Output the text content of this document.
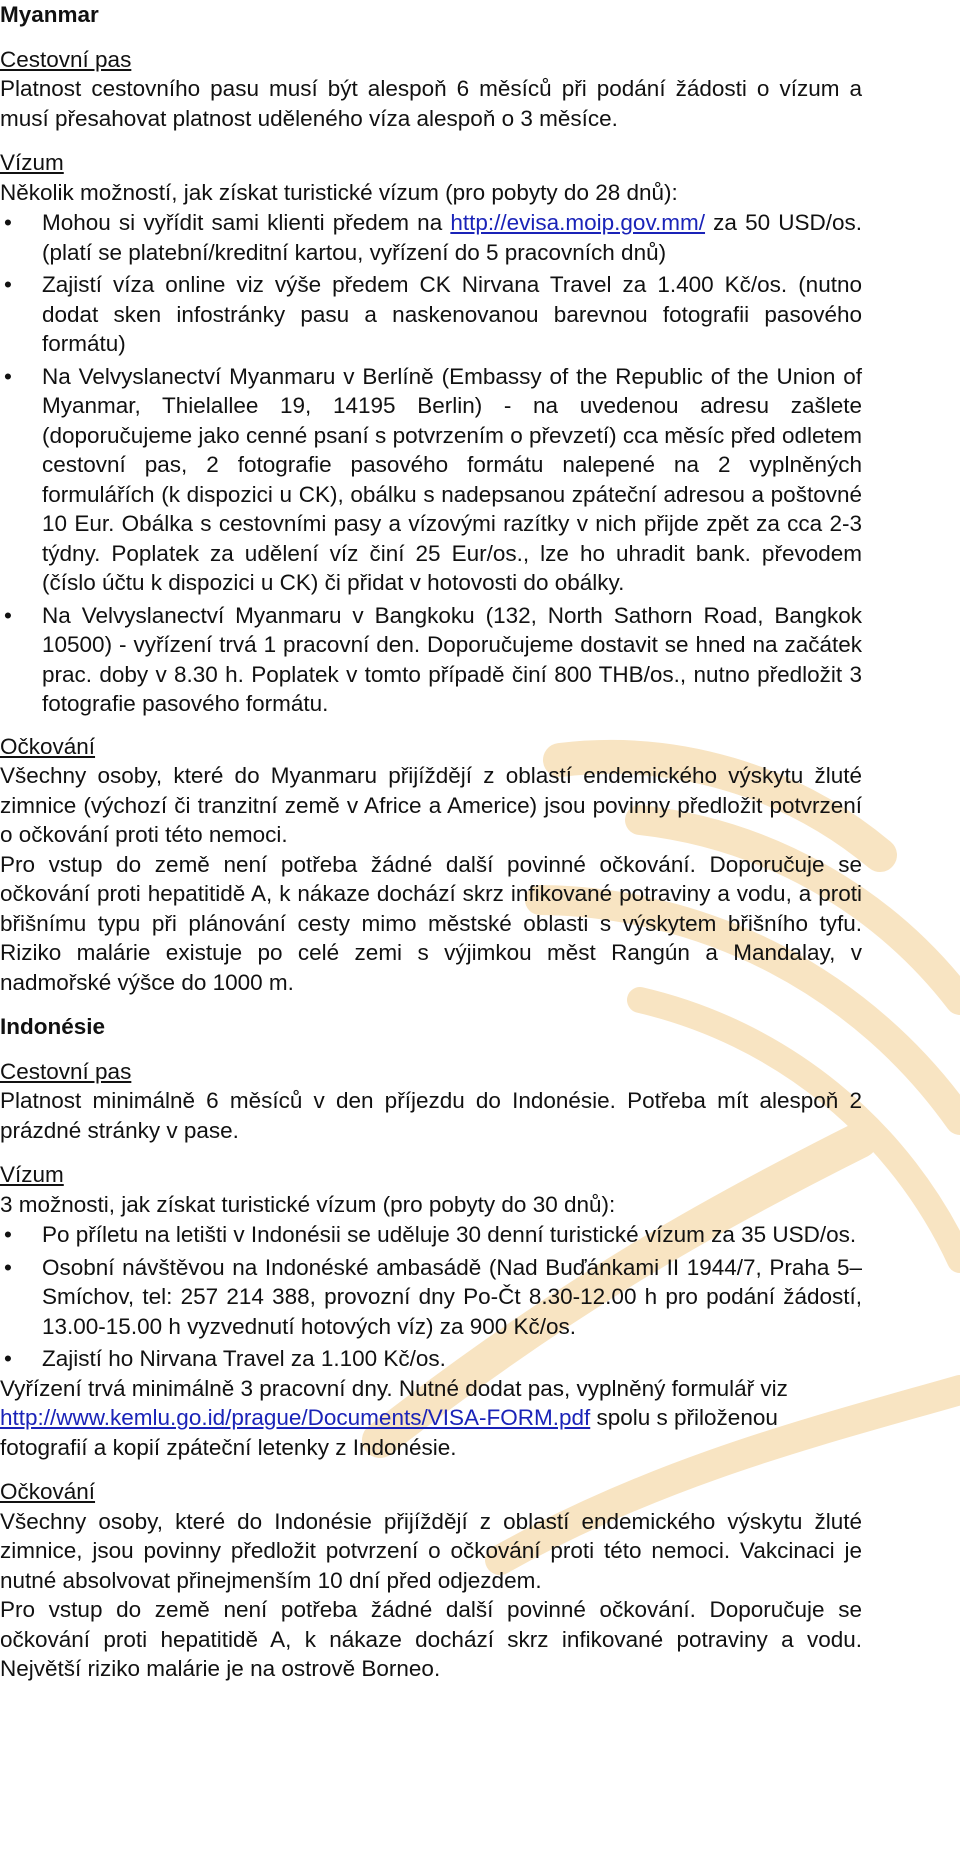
Myanmar
Cestovní pas

Platnost cestovního pasu musí být alespoň 6 měsíců při podání žádosti o vízum a musí přesahovat platnost uděleného víza alespoň o 3 měsíce.

Vízum

Několik možností, jak získat turistické vízum (pro pobyty do 28 dnů):

• Mohou si vyřídit sami klienti předem na http://evisa.moip.gov.mm/ za 50 USD/os. (platí se platební/kreditní kartou, vyřízení do 5 pracovních dnů)
• Zajistí víza online viz výše předem CK Nirvana Travel za 1.400 Kč/os. (nutno dodat sken infostránky pasu a naskenovanou barevnou fotografii pasového formátu)
• Na Velvyslanectví Myanmaru v Berlíně (Embassy of the Republic of the Union of Myanmar, Thielallee 19, 14195 Berlin) - na uvedenou adresu zašlete (doporučujeme jako cenné psaní s potvrzením o převzetí) cca měsíc před odletem cestovní pas, 2 fotografie pasového formátu nalepené na 2 vyplněných formulářích (k dispozici u CK), obálku s nadepsanou zpáteční adresou a poštovné 10 Eur. Obálka s cestovními pasy a vízovými razítky v nich přijde zpět za cca 2-3 týdny. Poplatek za udělení víz činí 25 Eur/os., lze ho uhradit bank. převodem (číslo účtu k dispozici u CK) či přidat v hotovosti do obálky.
• Na Velvyslanectví Myanmaru v Bangkoku (132, North Sathorn Road, Bangkok 10500) - vyřízení trvá 1 pracovní den. Doporučujeme dostavit se hned na začátek prac. doby v 8.30 h. Poplatek v tomto případě činí 800 THB/os., nutno předložit 3 fotografie pasového formátu.
Očkování

Všechny osoby, které do Myanmaru přijíždějí z oblastí endemického výskytu žluté zimnice (výchozí či tranzitní země v Africe a Americe) jsou povinny předložit potvrzení o očkování proti této nemoci.

Pro vstup do země není potřeba žádné další povinné očkování. Doporučuje se očkování proti hepatitidě A, k nákaze dochází skrz infikované potraviny a vodu, a proti břišnímu typu při plánování cesty mimo městské oblasti s výskytem břišního tyfu. Riziko malárie existuje po celé zemi s výjimkou měst Rangún a Mandalay, v nadmořské výšce do 1000 m.

Indonésie
Cestovní pas

Platnost minimálně 6 měsíců v den příjezdu do Indonésie. Potřeba mít alespoň 2 prázdné stránky v pase.

Vízum

3 možnosti, jak získat turistické vízum (pro pobyty do 30 dnů):

• Po příletu na letišti v Indonésii se uděluje 30 denní turistické vízum za 35 USD/os.
• Osobní návštěvou na Indonéské ambasádě (Nad Buďánkami II 1944/7, Praha 5–Smíchov, tel: 257 214 388, provozní dny Po-Čt 8.30-12.00 h pro podání žádostí, 13.00-15.00 h vyzvednutí hotových víz) za 900 Kč/os.
• Zajistí ho Nirvana Travel za 1.100 Kč/os.

Vyřízení trvá minimálně 3 pracovní dny. Nutné dodat pas, vyplněný formulář viz http://www.kemlu.go.id/prague/Documents/VISA-FORM.pdf spolu s přiloženou fotografií a kopií zpáteční letenky z Indonésie.

Očkování

Všechny osoby, které do Indonésie přijíždějí z oblastí endemického výskytu žluté zimnice, jsou povinny předložit potvrzení o očkování proti této nemoci. Vakcinaci je nutné absolvovat přinejmenším 10 dní před odjezdem.

Pro vstup do země není potřeba žádné další povinné očkování. Doporučuje se očkování proti hepatitidě A, k nákaze dochází skrz infikované potraviny a vodu. Největší riziko malárie je na ostrově Borneo.
